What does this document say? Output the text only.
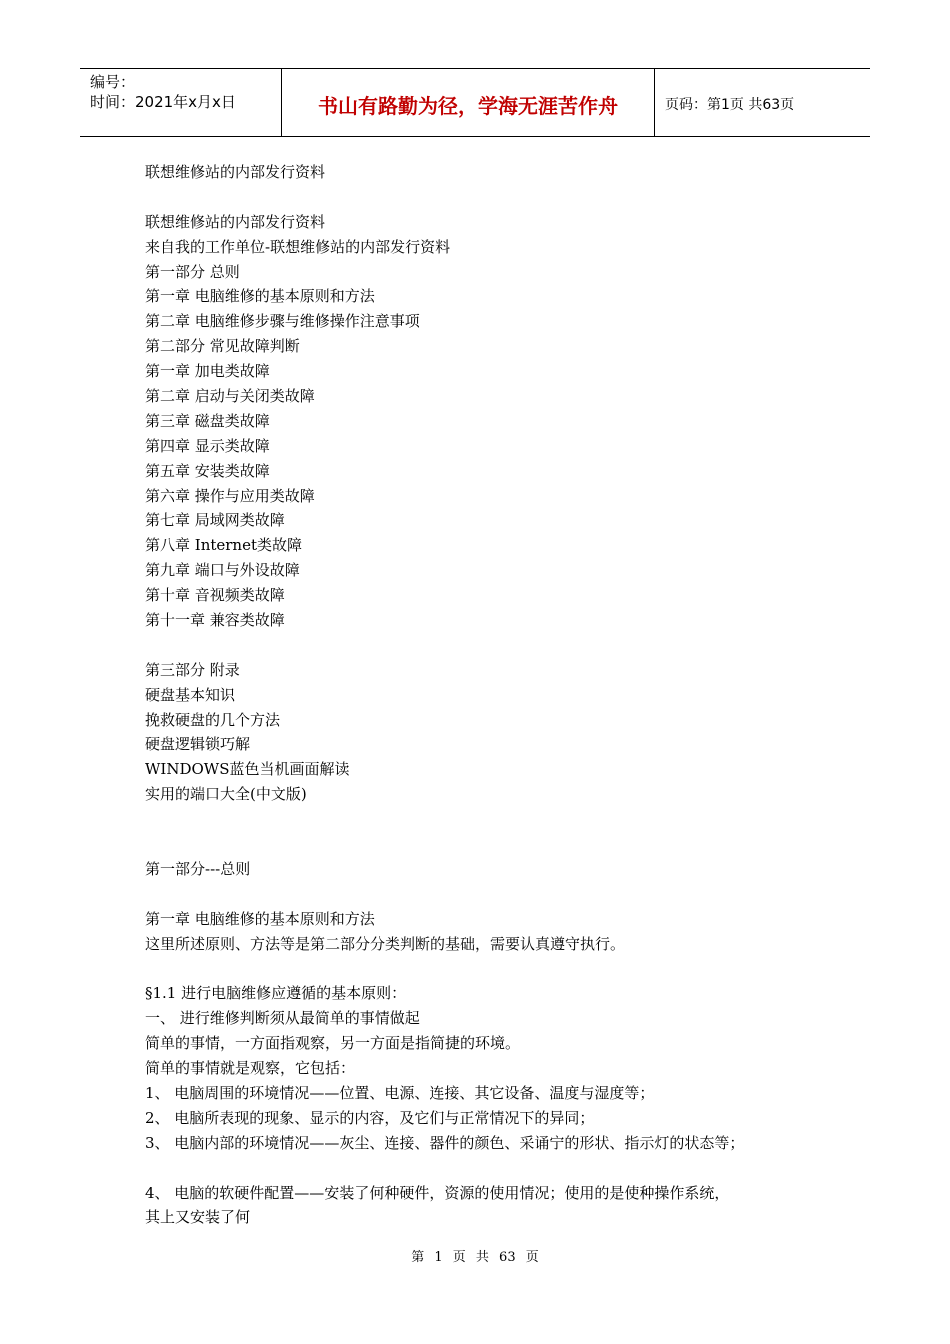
编号：
时间：2021年x月x日	书山有路勤为径，学海无涯苦作舟	页码：第1页 共63页
联想维修站的内部发行资料
联想维修站的内部发行资料
来自我的工作单位-联想维修站的内部发行资料
第一部分 总则
第一章 电脑维修的基本原则和方法
第二章 电脑维修步骤与维修操作注意事项
第二部分 常见故障判断
第一章 加电类故障
第二章 启动与关闭类故障
第三章 磁盘类故障
第四章 显示类故障
第五章 安装类故障
第六章 操作与应用类故障
第七章 局域网类故障
第八章 Internet类故障
第九章 端口与外设故障
第十章 音视频类故障
第十一章 兼容类故障
第三部分 附录
硬盘基本知识
挽救硬盘的几个方法
硬盘逻辑锁巧解
WINDOWS蓝色当机画面解读
实用的端口大全(中文版)
第一部分---总则
第一章 电脑维修的基本原则和方法
这里所述原则、方法等是第二部分分类判断的基础，需要认真遵守执行。
§1.1 进行电脑维修应遵循的基本原则：
一、 进行维修判断须从最简单的事情做起
简单的事情，一方面指观察，另一方面是指简捷的环境。
简单的事情就是观察，它包括：
1、 电脑周围的环境情况——位置、电源、连接、其它设备、温度与湿度等；
2、 电脑所表现的现象、显示的内容，及它们与正常情况下的异同；
3、 电脑内部的环境情况——灰尘、连接、器件的颜色、采诵宁的形状、指示灯的状态等；
4、 电脑的软硬件配置——安装了何种硬件，资源的使用情况；使用的是使种操作系统，
其上又安装了何
第 1 页 共 63 页
